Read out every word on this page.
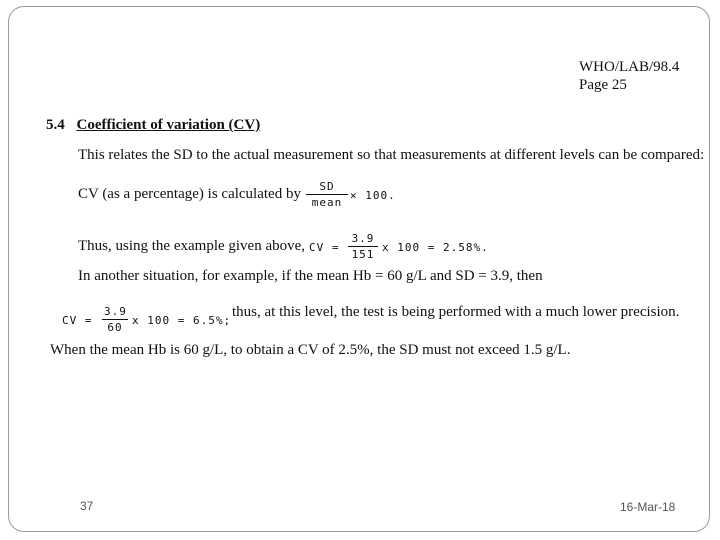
WHO/LAB/98.4
Page 25
5.4 Coefficient of variation (CV)
This relates the SD to the actual measurement so that measurements at different levels can be compared:
CV (as a percentage) is calculated by	SD
mean
× 100.
Thus, using the example given above, CV = $\frac{3.9}{151}$ x 100 = 2.58%.
In another situation, for example, if the mean Hb = 60 g/L and SD = 3.9, then
CV = $\frac{3.9}{60}$ x 100 = 6.5%;
thus, at this level, the test is being performed with a much lower precision.
When the mean Hb is 60 g/L, to obtain a CV of 2.5%, the SD must not exceed 1.5 g/L.
37	16-Mar-18
